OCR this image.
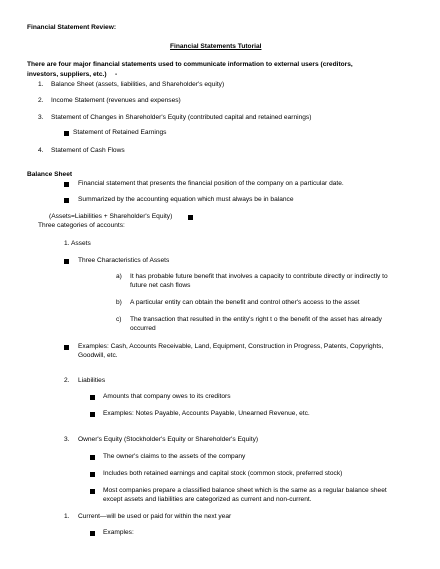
Financial Statement Review:
Financial Statements Tutorial
There are four major financial statements used to communicate information to external users (creditors,
investors, suppliers, etc.) -
1. Balance Sheet (assets, liabilities, and Shareholder's equity)
2. Income Statement (revenues and expenses)
3. Statement of Changes in Shareholder's Equity (contributed capital and retained earnings)
Statement of Retained Earnings
4. Statement of Cash Flows
Balance Sheet
Financial statement that presents the financial position of the company on a particular date.
Summarized by the accounting equation which must always be in balance
(Assets=Liabilities + Shareholder's Equity)
Three categories of accounts:
1. Assets
Three Characteristics of Assets
a) It has probable future benefit that involves a capacity to contribute directly or indirectly to
future net cash flows
b) A particular entity can obtain the benefit and control other's access to the asset
c) The transaction that resulted in the entity's right t o the benefit of the asset has already
occurred
Examples: Cash, Accounts Receivable, Land, Equipment, Construction in Progress, Patents, Copyrights,
Goodwill, etc.
2. Liabilities
Amounts that company owes to its creditors
Examples: Notes Payable, Accounts Payable, Unearned Revenue, etc.
3. Owner's Equity (Stockholder's Equity or Shareholder's Equity)
The owner's claims to the assets of the company
Includes both retained earnings and capital stock (common stock, preferred stock)
Most companies prepare a classified balance sheet which is the same as a regular balance sheet
except assets and liabilities are categorized as current and non-current.
1. Current—will be used or paid for within the next year
Examples:
